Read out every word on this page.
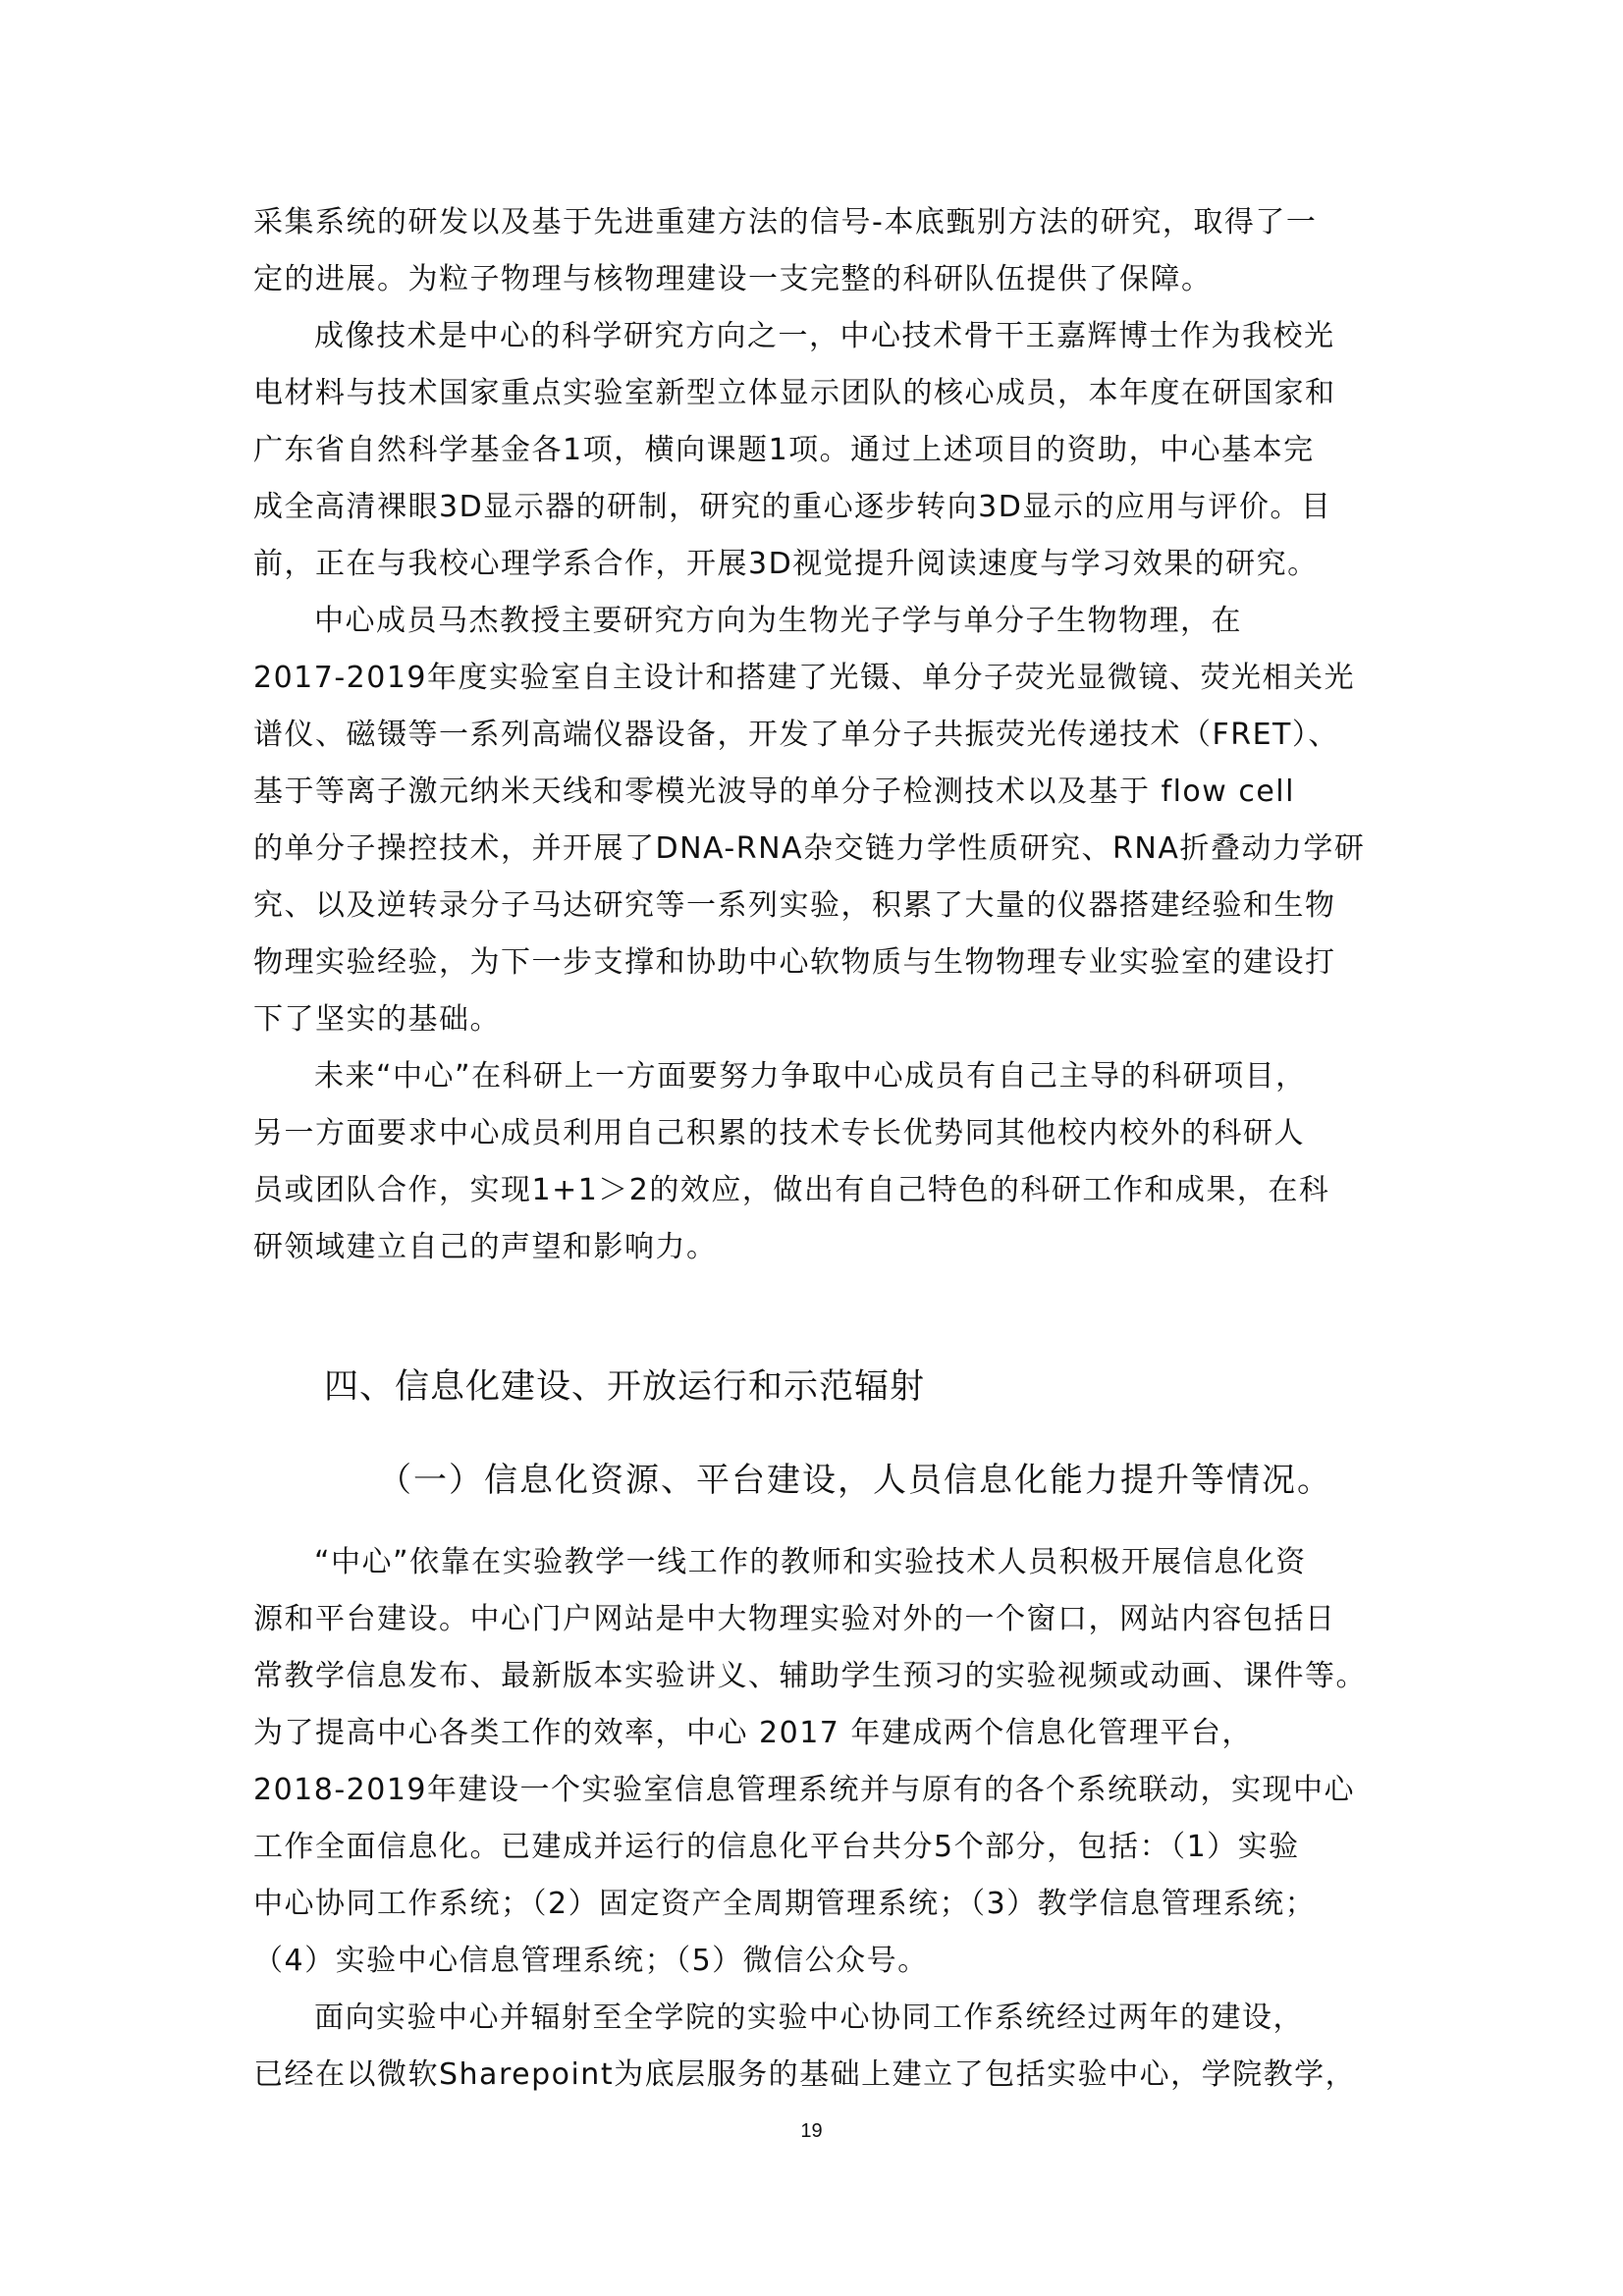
采集系统的研发以及基于先进重建方法的信号-本底甄别方法的研究，取得了一
定的进展。为粒子物理与核物理建设一支完整的科研队伍提供了保障。
成像技术是中心的科学研究方向之一，中心技术骨干王嘉辉博士作为我校光
电材料与技术国家重点实验室新型立体显示团队的核心成员，本年度在研国家和
广东省自然科学基金各1项，横向课题1项。通过上述项目的资助，中心基本完
成全高清裸眼3D显示器的研制，研究的重心逐步转向3D显示的应用与评价。目
前，正在与我校心理学系合作，开展3D视觉提升阅读速度与学习效果的研究。
中心成员马杰教授主要研究方向为生物光子学与单分子生物物理，在
2017-2019年度实验室自主设计和搭建了光镊、单分子荧光显微镜、荧光相关光
谱仪、磁镊等一系列高端仪器设备，开发了单分子共振荧光传递技术（FRET）、
基于等离子激元纳米天线和零模光波导的单分子检测技术以及基于 flow cell
的单分子操控技术，并开展了DNA-RNA杂交链力学性质研究、RNA折叠动力学研
究、以及逆转录分子马达研究等一系列实验，积累了大量的仪器搭建经验和生物
物理实验经验，为下一步支撑和协助中心软物质与生物物理专业实验室的建设打
下了坚实的基础。
未来“中心”在科研上一方面要努力争取中心成员有自己主导的科研项目，
另一方面要求中心成员利用自己积累的技术专长优势同其他校内校外的科研人
员或团队合作，实现1+1＞2的效应，做出有自己特色的科研工作和成果，在科
研领域建立自己的声望和影响力。
四、信息化建设、开放运行和示范辐射
（一）信息化资源、平台建设，人员信息化能力提升等情况。
“中心”依靠在实验教学一线工作的教师和实验技术人员积极开展信息化资
源和平台建设。中心门户网站是中大物理实验对外的一个窗口，网站内容包括日
常教学信息发布、最新版本实验讲义、辅助学生预习的实验视频或动画、课件等。
为了提高中心各类工作的效率，中心 2017 年建成两个信息化管理平台，
2018-2019年建设一个实验室信息管理系统并与原有的各个系统联动，实现中心
工作全面信息化。已建成并运行的信息化平台共分5个部分，包括：（1）实验
中心协同工作系统；（2）固定资产全周期管理系统；（3）教学信息管理系统；
（4）实验中心信息管理系统；（5）微信公众号。
面向实验中心并辐射至全学院的实验中心协同工作系统经过两年的建设，
已经在以微软Sharepoint为底层服务的基础上建立了包括实验中心，学院教学，
19
